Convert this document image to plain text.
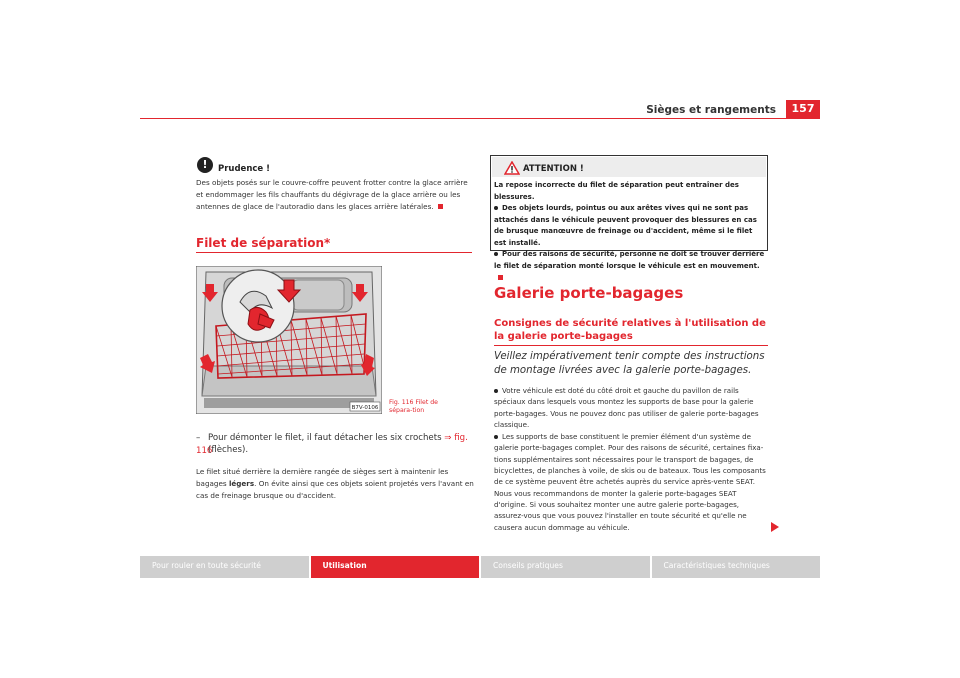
Sièges et rangements	157
!	Prudence !
Des objets posés sur le couvre-coffre peuvent frotter contre la glace arrière et endommager les fils chauffants du dégivrage de la glace arrière ou les antennes de glace de l'autoradio dans les glaces arrière latérales.
Filet de séparation*
B7V-0106
Fig. 116 Filet de sépara-tion
– Pour démonter le filet, il faut détacher les six crochets ⇒ fig. 116
(flèches).
Le filet situé derrière la dernière rangée de sièges sert à maintenir les bagages légers. On évite ainsi que ces objets soient projetés vers l'avant en cas de freinage brusque ou d'accident.
ATTENTION !

La repose incorrecte du filet de séparation peut entraîner des blessures.

Des objets lourds, pointus ou aux arêtes vives qui ne sont pas attachés dans le véhicule peuvent provoquer des blessures en cas de brusque manœuvre de freinage ou d'accident, même si le filet est installé.

Pour des raisons de sécurité, personne ne doit se trouver derrière le filet de séparation monté lorsque le véhicule est en mouvement.

Galerie porte-bagages
Consignes de sécurité relatives à l'utilisation de la galerie porte-bagages
Veillez impérativement tenir compte des instructions de montage livrées avec la galerie porte-bagages.

Votre véhicule est doté du côté droit et gauche du pavillon de rails spéciaux dans lesquels vous montez les supports de base pour la galerie porte-bagages. Vous ne pouvez donc pas utiliser de galerie porte-bagages classique.

Les supports de base constituent le premier élément d'un système de galerie porte-bagages complet. Pour des raisons de sécurité, certaines fixa-tions supplémentaires sont nécessaires pour le transport de bagages, de bicyclettes, de planches à voile, de skis ou de bateaux. Tous les composants de ce système peuvent être achetés auprès du service après-vente SEAT. Nous vous recommandons de monter la galerie porte-bagages SEAT d'origine. Si vous souhaitez monter une autre galerie porte-bagages, assurez-vous que vous pouvez l'installer en toute sécurité et qu'elle ne causera aucun dommage au véhicule.

Pour rouler en toute sécurité	Utilisation	Conseils pratiques	Caractéristiques techniques
